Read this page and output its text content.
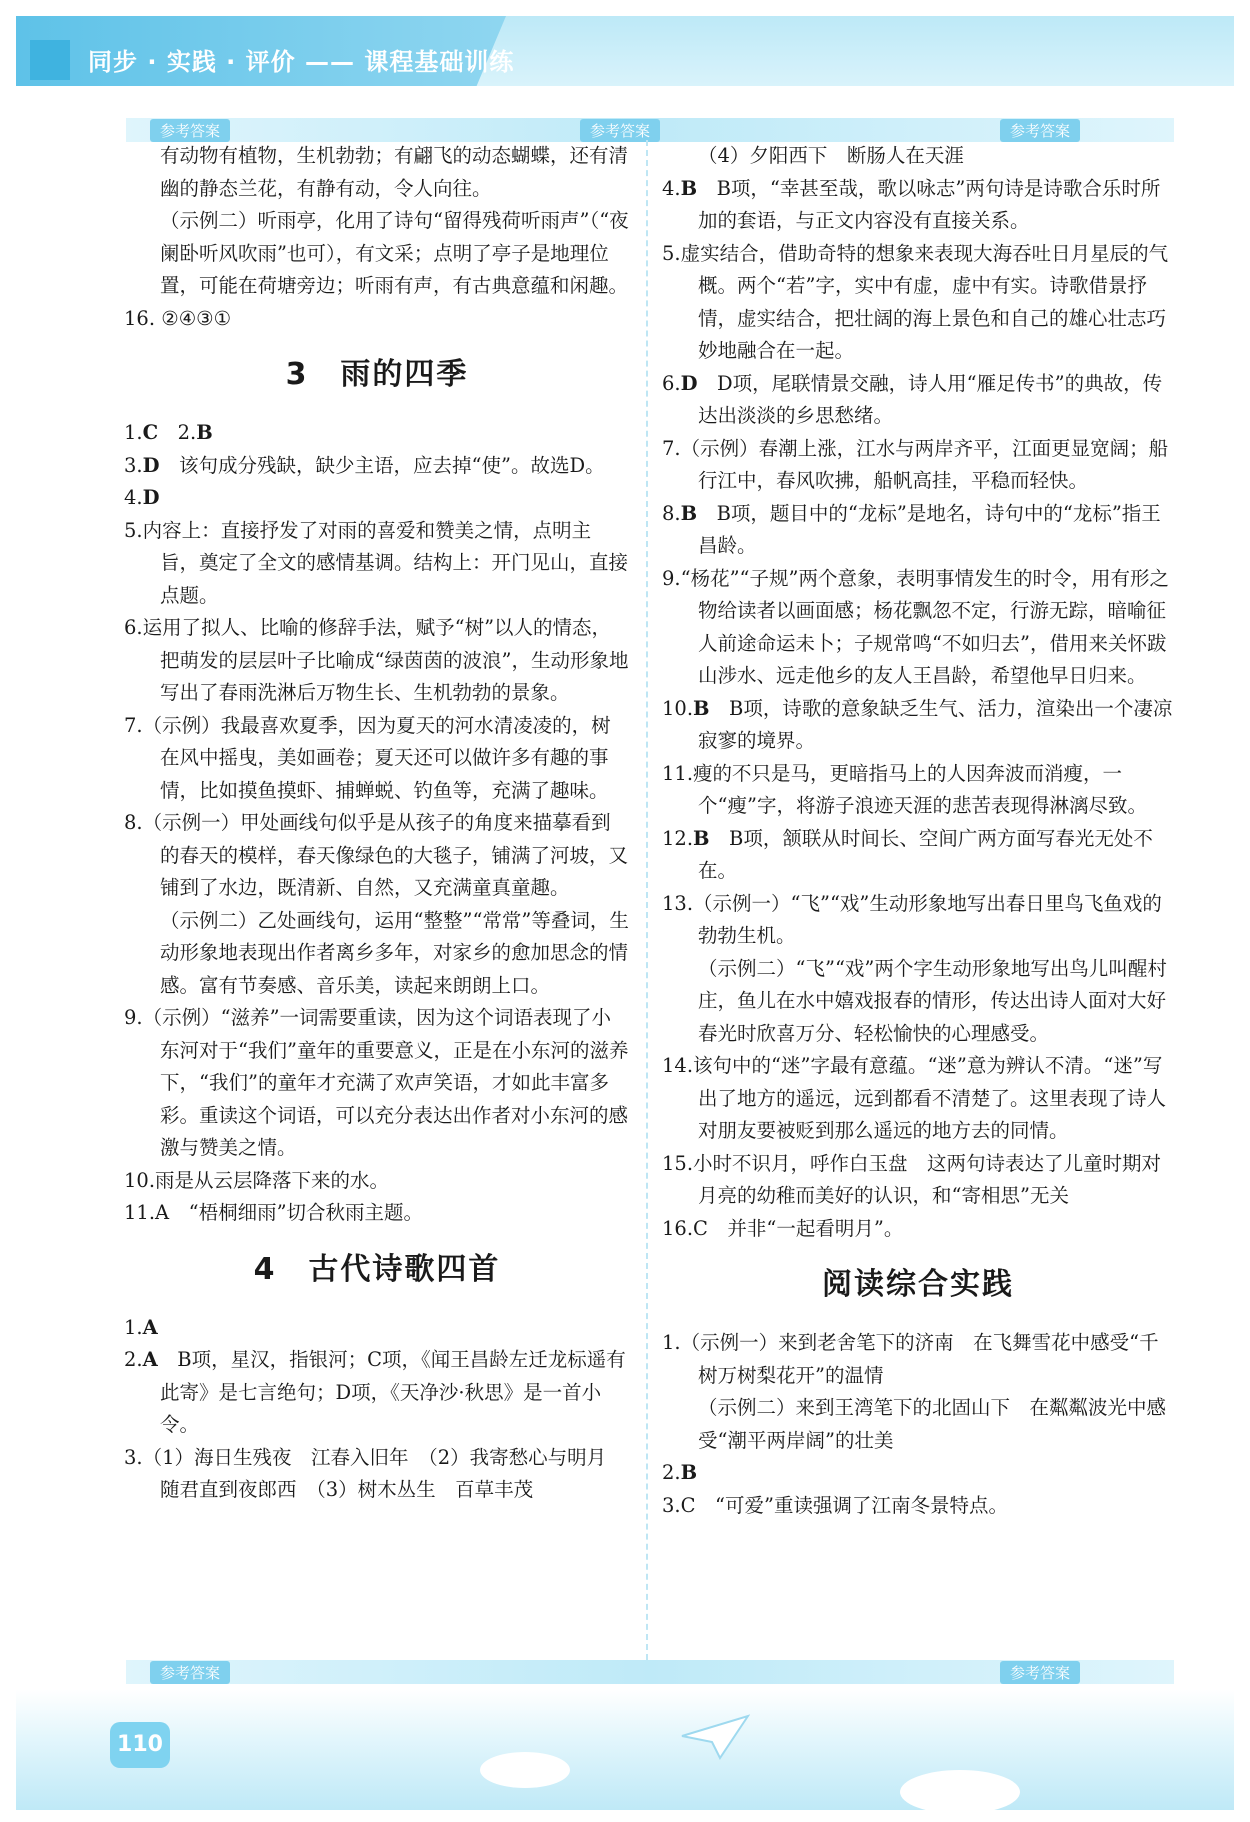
同步 · 实践 · 评价 —— 课程基础训练
参考答案	参考答案	参考答案

有动物有植物，生机勃勃；有翩飞的动态蝴蝶，还有清幽的静态兰花，有静有动，令人向往。

（示例二）听雨亭，化用了诗句“留得残荷听雨声”（“夜阑卧听风吹雨”也可），有文采；点明了亭子是地理位置，可能在荷塘旁边；听雨有声，有古典意蕴和闲趣。

16. ②④③①

3　雨的四季

1.C　2.B

3.D　该句成分残缺，缺少主语，应去掉“使”。故选D。

4.D

5.内容上：直接抒发了对雨的喜爱和赞美之情，点明主旨，奠定了全文的感情基调。结构上：开门见山，直接点题。

6.运用了拟人、比喻的修辞手法，赋予“树”以人的情态，把萌发的层层叶子比喻成“绿茵茵的波浪”，生动形象地写出了春雨洗淋后万物生长、生机勃勃的景象。

7.（示例）我最喜欢夏季，因为夏天的河水清凌凌的，树在风中摇曳，美如画卷；夏天还可以做许多有趣的事情，比如摸鱼摸虾、捕蝉蜕、钓鱼等，充满了趣味。

8.（示例一）甲处画线句似乎是从孩子的角度来描摹看到的春天的模样，春天像绿色的大毯子，铺满了河坡，又铺到了水边，既清新、自然，又充满童真童趣。

（示例二）乙处画线句，运用“整整”“常常”等叠词，生动形象地表现出作者离乡多年，对家乡的愈加思念的情感。富有节奏感、音乐美，读起来朗朗上口。

9.（示例）“滋养”一词需要重读，因为这个词语表现了小东河对于“我们”童年的重要意义，正是在小东河的滋养下，“我们”的童年才充满了欢声笑语，才如此丰富多彩。重读这个词语，可以充分表达出作者对小东河的感激与赞美之情。

10.雨是从云层降落下来的水。

11.A　“梧桐细雨”切合秋雨主题。

4　古代诗歌四首

1.A

2.A　B项，星汉，指银河；C项，《闻王昌龄左迁龙标遥有此寄》是七言绝句；D项，《天净沙·秋思》是一首小令。

3.（1）海日生残夜　江春入旧年　（2）我寄愁心与明月　随君直到夜郎西　（3）树木丛生　百草丰茂

（4）夕阳西下　断肠人在天涯

4.B　B项，“幸甚至哉，歌以咏志”两句诗是诗歌合乐时所加的套语，与正文内容没有直接关系。

5.虚实结合，借助奇特的想象来表现大海吞吐日月星辰的气概。两个“若”字，实中有虚，虚中有实。诗歌借景抒情，虚实结合，把壮阔的海上景色和自己的雄心壮志巧妙地融合在一起。

6.D　D项，尾联情景交融，诗人用“雁足传书”的典故，传达出淡淡的乡思愁绪。

7.（示例）春潮上涨，江水与两岸齐平，江面更显宽阔；船行江中，春风吹拂，船帆高挂，平稳而轻快。

8.B　B项，题目中的“龙标”是地名，诗句中的“龙标”指王昌龄。

9.“杨花”“子规”两个意象，表明事情发生的时令，用有形之物给读者以画面感；杨花飘忽不定，行游无踪，暗喻征人前途命运未卜；子规常鸣“不如归去”，借用来关怀跋山涉水、远走他乡的友人王昌龄，希望他早日归来。

10.B　B项，诗歌的意象缺乏生气、活力，渲染出一个凄凉寂寥的境界。

11.瘦的不只是马，更暗指马上的人因奔波而消瘦，一个“瘦”字，将游子浪迹天涯的悲苦表现得淋漓尽致。

12.B　B项，颔联从时间长、空间广两方面写春光无处不在。

13.（示例一）“飞”“戏”生动形象地写出春日里鸟飞鱼戏的勃勃生机。

（示例二）“飞”“戏”两个字生动形象地写出鸟儿叫醒村庄，鱼儿在水中嬉戏报春的情形，传达出诗人面对大好春光时欣喜万分、轻松愉快的心理感受。

14.该句中的“迷”字最有意蕴。“迷”意为辨认不清。“迷”写出了地方的遥远，远到都看不清楚了。这里表现了诗人对朋友要被贬到那么遥远的地方去的同情。

15.小时不识月，呼作白玉盘　这两句诗表达了儿童时期对月亮的幼稚而美好的认识，和“寄相思”无关

16.C　并非“一起看明月”。

阅读综合实践

1.（示例一）来到老舍笔下的济南　在飞舞雪花中感受“千树万树梨花开”的温情

（示例二）来到王湾笔下的北固山下　在粼粼波光中感受“潮平两岸阔”的壮美

2.B

3.C　“可爱”重读强调了江南冬景特点。

参考答案	参考答案
110
